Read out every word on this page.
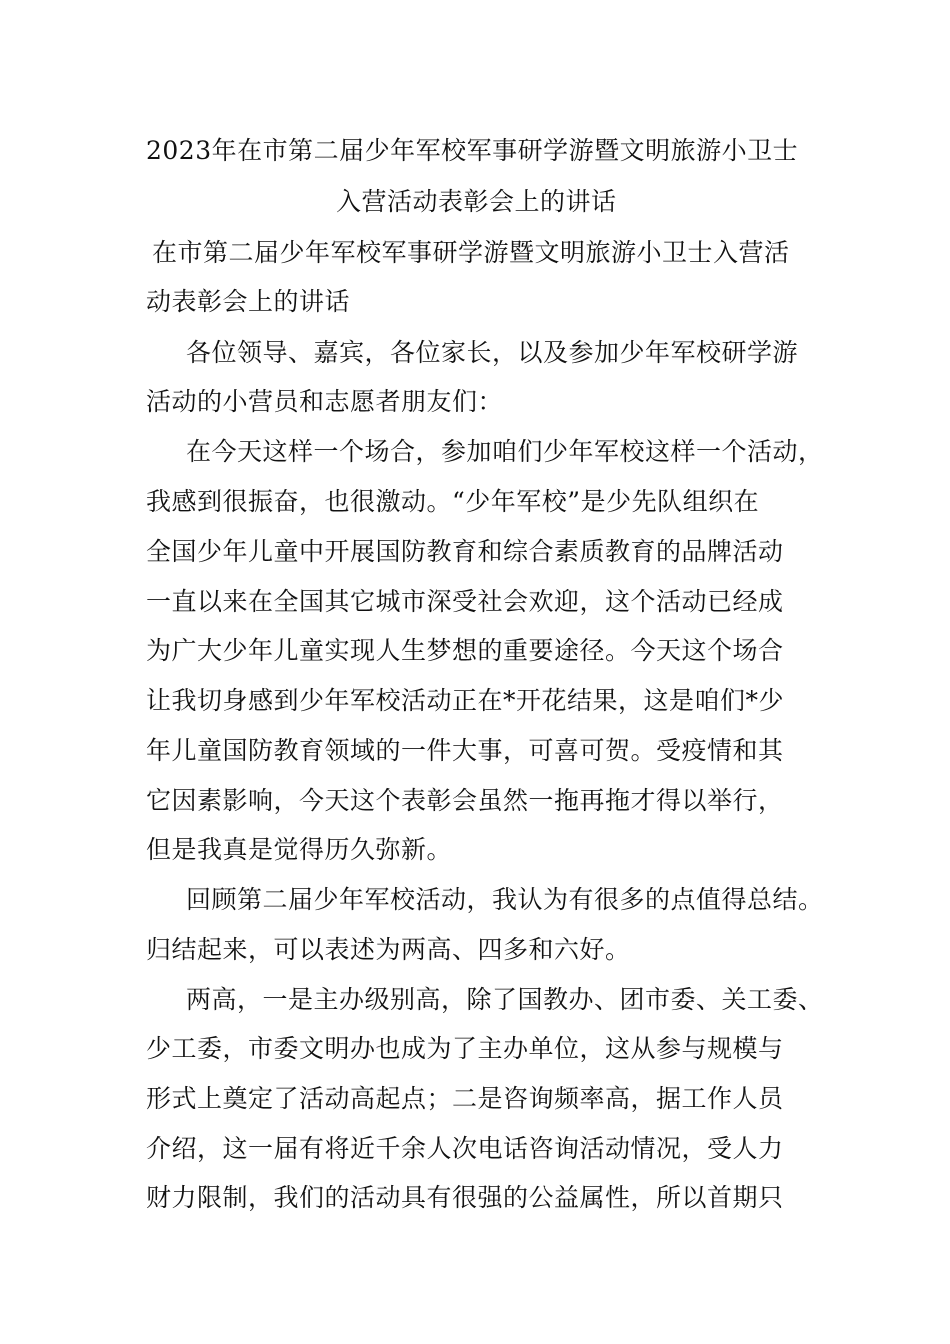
2023年在市第二届少年军校军事研学游暨文明旅游小卫士
入营活动表彰会上的讲话
在市第二届少年军校军事研学游暨文明旅游小卫士入营活
动表彰会上的讲话
各位领导、嘉宾，各位家长，以及参加少年军校研学游
活动的小营员和志愿者朋友们：
在今天这样一个场合，参加咱们少年军校这样一个活动，
我感到很振奋，也很激动。“少年军校”是少先队组织在
全国少年儿童中开展国防教育和综合素质教育的品牌活动
一直以来在全国其它城市深受社会欢迎，这个活动已经成
为广大少年儿童实现人生梦想的重要途径。今天这个场合
让我切身感到少年军校活动正在*开花结果，这是咱们*少
年儿童国防教育领域的一件大事，可喜可贺。受疫情和其
它因素影响，今天这个表彰会虽然一拖再拖才得以举行，
但是我真是觉得历久弥新。
回顾第二届少年军校活动，我认为有很多的点值得总结。
归结起来，可以表述为两高、四多和六好。
两高，一是主办级别高，除了国教办、团市委、关工委、
少工委，市委文明办也成为了主办单位，这从参与规模与
形式上奠定了活动高起点；二是咨询频率高，据工作人员
介绍，这一届有将近千余人次电话咨询活动情况，受人力
财力限制，我们的活动具有很强的公益属性，所以首期只
